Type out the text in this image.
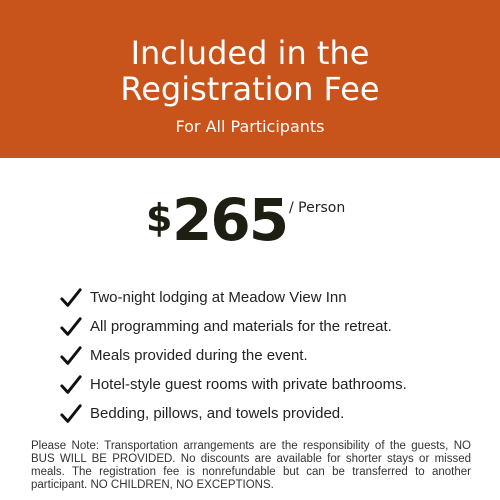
Included in the
Registration Fee
For All Participants
$ 265 / Person
Two-night lodging at Meadow View Inn
All programming and materials for the retreat.
Meals provided during the event.
Hotel-style guest rooms with private bathrooms.
Bedding, pillows, and towels provided.
Please Note: Transportation arrangements are the responsibility of the guests, NO BUS WILL BE PROVIDED. No discounts are available for shorter stays or missed meals. The registration fee is nonrefundable but can be transferred to another participant. NO CHILDREN, NO EXCEPTIONS.
